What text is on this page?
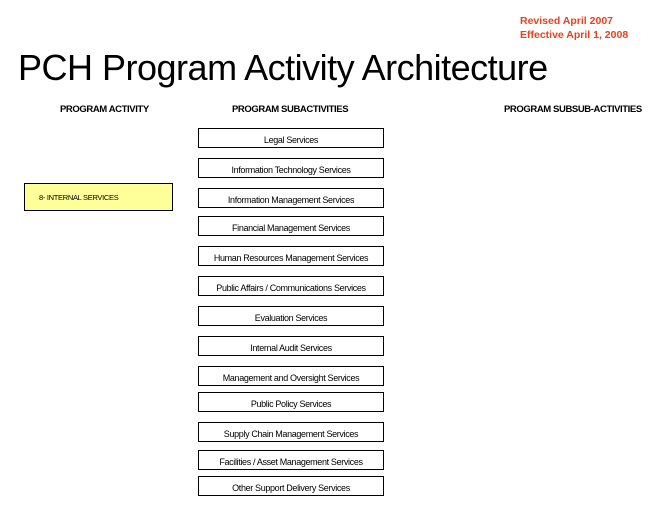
Revised April 2007
Effective April 1, 2008
PCH Program Activity Architecture
PROGRAM ACTIVITY	PROGRAM SUBACTIVITIES	PROGRAM SUBSUB-ACTIVITIES
8- INTERNAL SERVICES
Legal Services
Information Technology Services
Information Management Services
Financial Management Services
Human Resources Management Services
Public Affairs / Communications Services
Evaluation Services
Internal Audit Services
Management and Oversight Services
Public Policy Services
Supply Chain Management Services
Facilities / Asset Management Services
Other Support Delivery Services
